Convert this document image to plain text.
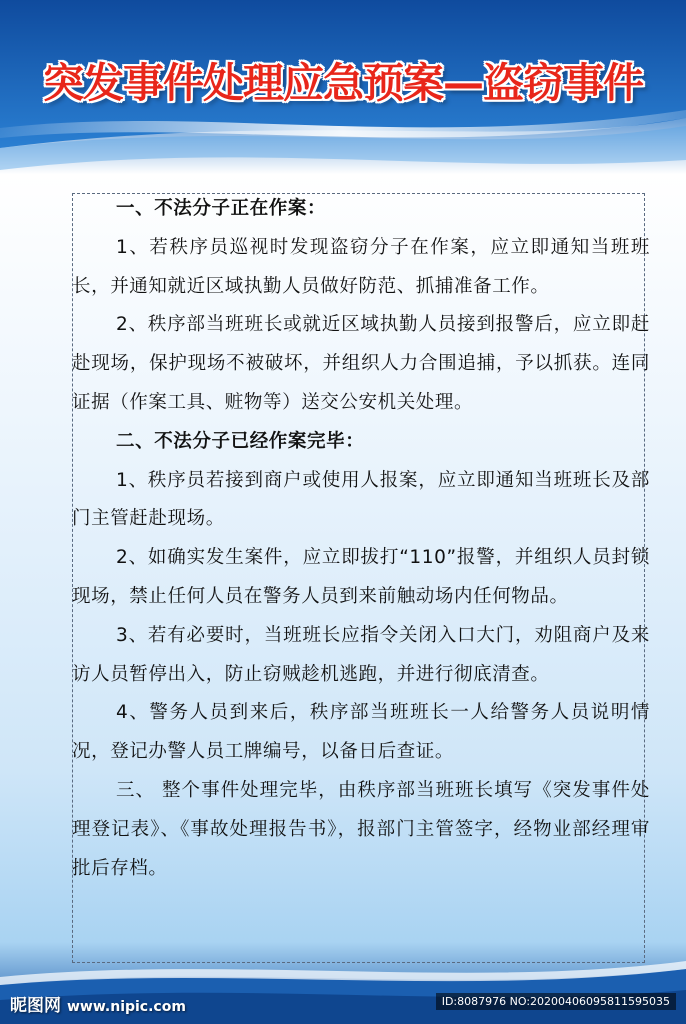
突发事件处理应急预案—盗窃事件

一、不法分子正在作案：

1、若秩序员巡视时发现盗窃分子在作案，应立即通知当班班长，并通知就近区域执勤人员做好防范、抓捕准备工作。

2、秩序部当班班长或就近区域执勤人员接到报警后，应立即赶赴现场，保护现场不被破坏，并组织人力合围追捕，予以抓获。连同证据（作案工具、赃物等）送交公安机关处理。

二、不法分子已经作案完毕：

1、秩序员若接到商户或使用人报案，应立即通知当班班长及部门主管赶赴现场。

2、如确实发生案件，应立即拔打“110”报警，并组织人员封锁现场，禁止任何人员在警务人员到来前触动场内任何物品。

3、若有必要时，当班班长应指令关闭入口大门，劝阻商户及来访人员暂停出入，防止窃贼趁机逃跑，并进行彻底清查。

4、警务人员到来后，秩序部当班班长一人给警务人员说明情况，登记办警人员工牌编号，以备日后查证。

三、 整个事件处理完毕，由秩序部当班班长填写《突发事件处理登记表》、《事故处理报告书》，报部门主管签字，经物业部经理审批后存档。

昵图网 www.nipic.com	ID:8087976 NO:20200406095811595035
